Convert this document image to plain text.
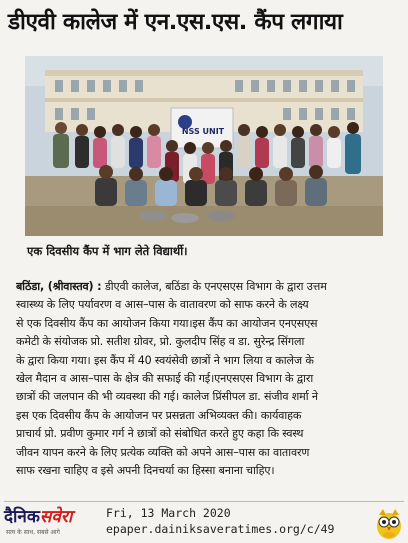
डीएवी कालेज में एन.एस.एस. कैंप लगाया
NSS UNIT
एक दिवसीय कैंप में भाग लेते विद्यार्थी।
बठिंडा, (श्रीवास्तव) : डीएवी कालेज, बठिंडा के एनएसएस विभाग के द्वारा उत्तम
स्वास्थ्य के लिए पर्यावरण व आस–पास के वातावरण को साफ करने के लक्ष्य
से एक दिवसीय कैंप का आयोजन किया गया।इस कैंप का आयोजन एनएसएस
कमेटी के संयोजक प्रो. सतीश ग्रोवर, प्रो. कुलदीप सिंह व डा. सुरेन्द्र सिंगला
के द्वारा किया गया। इस कैंप में 40 स्वयंसेवी छात्रों ने भाग लिया व कालेज के
खेल मैदान व आस–पास के क्षेत्र की सफाई की गई।एनएसएस विभाग के द्वारा
छात्रों की जलपान की भी व्यवस्था की गई। कालेज प्रिंसीपल डा. संजीव शर्मा ने
इस एक दिवसीय कैंप के आयोजन पर प्रसन्नता अभिव्यक्त की। कार्यवाहक
प्राचार्य प्रो. प्रवीण कुमार गर्ग ने छात्रों को संबोधित करते हुए कहा कि स्वस्थ
जीवन यापन करने के लिए प्रत्येक व्यक्ति को अपने आस–पास का वातावरण
साफ रखना चाहिए व इसे अपनी दिनचर्या का हिस्सा बनाना चाहिए।
दैनिकसवेरा
सत्य के साथ, सबसे आगे
Fri, 13 March 2020
epaper.dainiksaveratimes.org/c/49
